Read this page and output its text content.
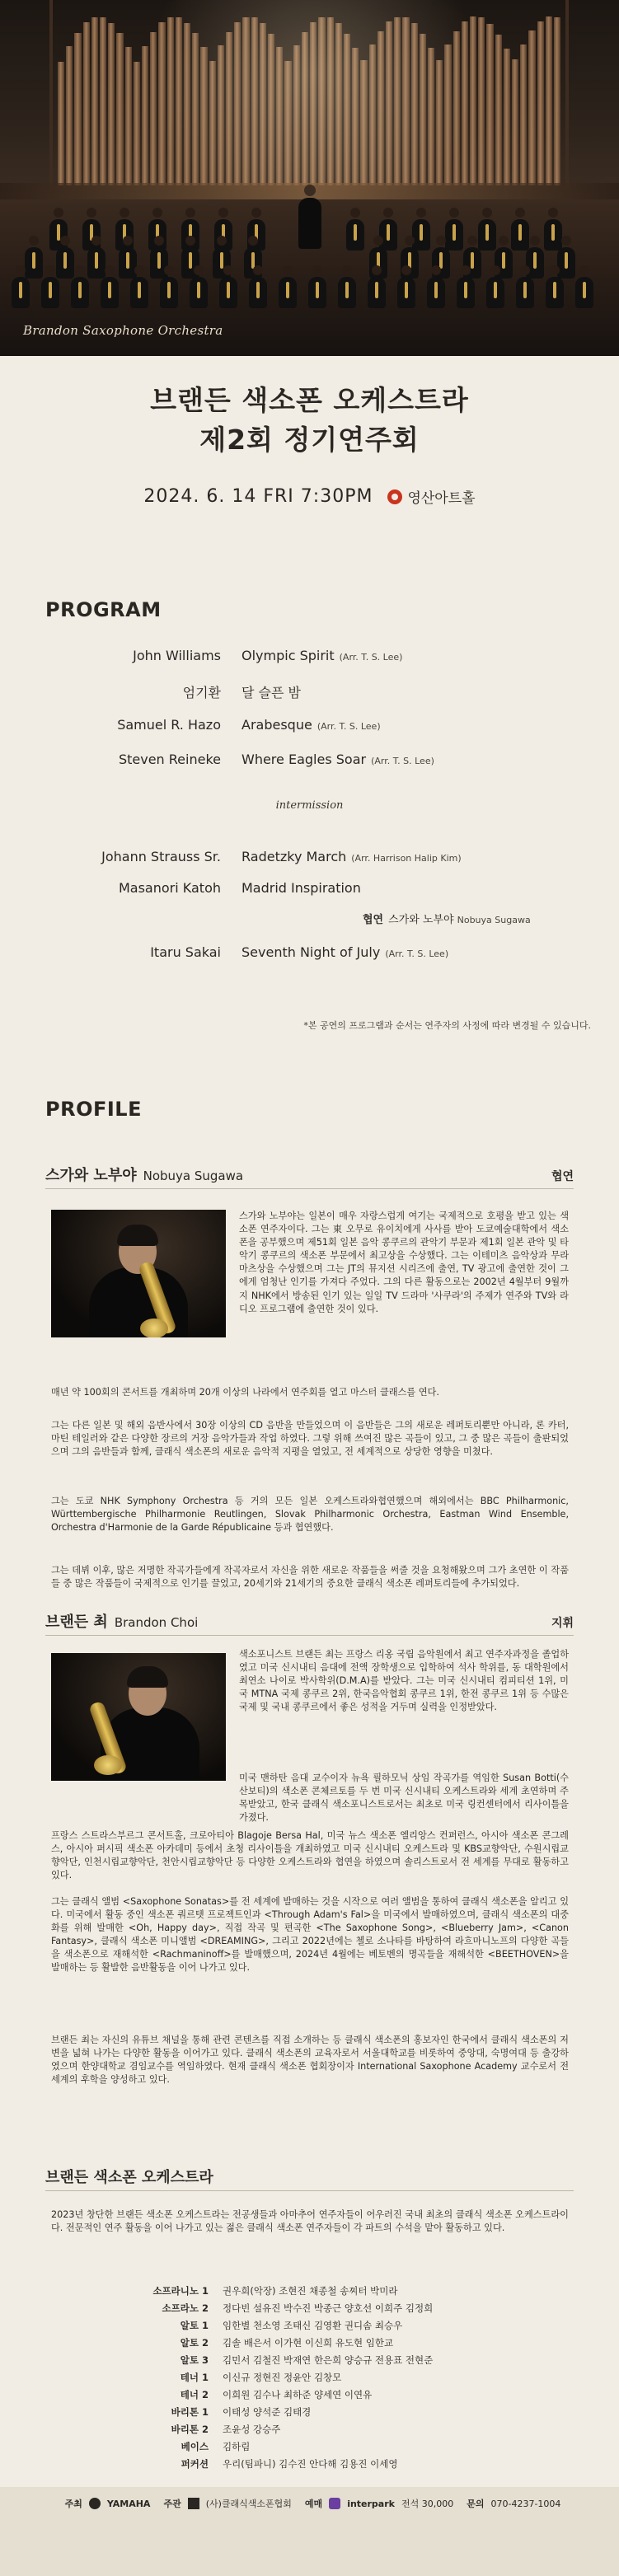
Brandon Saxophone Orchestra
브랜든 색소폰 오케스트라
제2회 정기연주회
2024. 6. 14 FRI 7:30PM 영산아트홀
PROGRAM
John Williams Olympic Spirit (Arr. T. S. Lee)
엄기환 달 슬픈 밤
Samuel R. Hazo Arabesque (Arr. T. S. Lee)
Steven Reineke Where Eagles Soar (Arr. T. S. Lee)
intermission
Johann Strauss Sr. Radetzky March (Arr. Harrison Halip Kim)
Masanori Katoh Madrid Inspiration
협연 스가와 노부야 Nobuya Sugawa
Itaru Sakai Seventh Night of July (Arr. T. S. Lee)
*본 공연의 프로그램과 순서는 연주자의 사정에 따라 변경될 수 있습니다.
PROFILE
스가와 노부야 Nobuya Sugawa	협연
스가와 노부야는 일본이 매우 자랑스럽게 여기는 국제적으로 호평을 받고 있는 색소폰 연주자이다. 그는 東 오무로 유이치에게 사사를 받아 도쿄예술대학에서 색소폰을 공부했으며 제51회 일본 음악 콩쿠르의 관악기 부문과 제1회 일본 관악 및 타악기 콩쿠르의 색소폰 부문에서 최고상을 수상했다. 그는 이테미츠 음악상과 무라마츠상을 수상했으며 그는 JT의 뮤지션 시리즈에 출연, TV 광고에 출연한 것이 그에게 엄청난 인기를 가져다 주었다. 그의 다른 활동으로는 2002년 4월부터 9월까지 NHK에서 방송된 인기 있는 일일 TV 드라마 '사쿠라'의 주제가 연주와 TV와 라디오 프로그램에 출연한 것이 있다.
매년 약 100회의 콘서트를 개최하며 20개 이상의 나라에서 연주회를 열고 마스터 클래스를 연다.
그는 다른 일본 및 해외 음반사에서 30장 이상의 CD 음반을 만들었으며 이 음반들은 그의 새로운 레퍼토리뿐만 아니라, 론 카터, 마틴 테일러와 같은 다양한 장르의 거장 음악가들과 작업 하였다. 그렇 위해 쓰여진 많은 곡들이 있고, 그 중 많은 곡들이 출판되었으며 그의 음반들과 함께, 클래식 색소폰의 새로운 음악적 지평을 열었고, 전 세계적으로 상당한 영향을 미쳤다.
그는 도쿄 NHK Symphony Orchestra 등 거의 모든 일본 오케스트라와협연했으며 해외에서는 BBC Philharmonic, Württembergische Philharmonie Reutlingen, Slovak Philharmonic Orchestra, Eastman Wind Ensemble, Orchestra d'Harmonie de la Garde Républicaine 등과 협연했다.
그는 데뷔 이후, 많은 저명한 작곡가들에게 작곡자로서 자신을 위한 새로운 작품들을 써줄 것을 요청해왔으며 그가 초연한 이 작품들 중 많은 작품들이 국제적으로 인기를 끌었고, 20세기와 21세기의 중요한 클래식 색소폰 레퍼토리들에 추가되었다.
브랜든 최 Brandon Choi	지휘
색소포니스트 브랜든 최는 프랑스 리옹 국립 음악원에서 최고 연주자과정을 졸업하였고 미국 신시내티 음대에 전액 장학생으로 입학하여 석사 학위를, 동 대학원에서 최연소 나이로 박사학위(D.M.A)를 받았다. 그는 미국 신시내티 컴피티션 1위, 미국 MTNA 국제 콩쿠르 2위, 한국음악협회 콩쿠르 1위, 한전 콩쿠르 1위 등 수많은 국제 및 국내 콩쿠르에서 좋은 성적을 거두며 실력을 인정받았다.
미국 맨하탄 음대 교수이자 뉴욕 필하모닉 상임 작곡가를 역임한 Susan Botti(수산보티)의 색소폰 콘체르토를 두 번 미국 신시내티 오케스트라와 세계 초연하며 주목받았고, 한국 클래식 색소포니스트로서는 최초로 미국 링컨센터에서 리사이틀을 가졌다.
프랑스 스트라스부르그 콘서트홀, 크로아티아 Blagoje Bersa Hal, 미국 뉴스 색소폰 엘리앙스 컨퍼런스, 아시아 색소폰 콘그레스, 아시아 퍼시픽 색소폰 아카데미 등에서 초청 리사이틀을 개최하였고 미국 신시내티 오케스트라 및 KBS교향악단, 수원시립교향악단, 인천시립교향악단, 천안시립교향악단 등 다양한 오케스트라와 협연을 하였으며 솔리스트로서 전 세계를 무대로 활동하고 있다.
그는 클래식 앨범 <Saxophone Sonatas>를 전 세계에 발매하는 것을 시작으로 여러 앨범을 통하여 클래식 색소폰을 알리고 있다. 미국에서 활동 중인 색소폰 쿼르텟 프로젝트인과 <Through Adam's Fal>을 미국에서 발매하였으며, 클래식 색소폰의 대중화를 위해 발매한 <Oh, Happy day>, 직접 작곡 및 편곡한 <The Saxophone Song>, <Blueberry Jam>, <Canon Fantasy>, 클래식 색소폰 미니앨범 <DREAMING>, 그리고 2022년에는 첼로 소나타를 바탕하여 라흐마니노프의 다양한 곡들을 색소폰으로 재해석한 <Rachmaninoff>를 발매했으며, 2024년 4월에는 베토벤의 명곡들을 재해석한 <BEETHOVEN>을 발매하는 등 활발한 음반활동을 이어 나가고 있다.
브랜든 최는 자신의 유튜브 채널을 통해 관련 콘텐츠를 직접 소개하는 등 클래식 색소폰의 홍보자인 한국에서 클래식 색소폰의 저변을 넓혀 나가는 다양한 활동을 이어가고 있다. 클래식 색소폰의 교육자로서 서울대학교를 비롯하여 중앙대, 숙명여대 등 출강하였으며 한양대학교 겸임교수를 역임하였다. 현재 클래식 색소폰 협회장이자 International Saxophone Academy 교수로서 전 세계의 후학을 양성하고 있다.
브랜든 색소폰 오케스트라
2023년 창단한 브랜든 색소폰 오케스트라는 전공생들과 아마추어 연주자들이 어우러진 국내 최초의 클래식 색소폰 오케스트라이다. 전문적인 연주 활동을 이어 나가고 있는 젊은 클래식 색소폰 연주자들이 각 파트의 수석을 맡아 활동하고 있다.
소프라니노 1 권우희(악장) 조현진 채종철 송찌터 박미라
소프라노 2 정다빈 설유진 박수진 박종근 양호선 이희주 김정희
알토 1 임한별 천소영 조태신 김영환 권디솜 최승우
알토 2 김솔 배은서 이가현 이신희 유도현 임한교
알토 3 김민서 김철진 박재연 한은희 양승규 전용표 전현준
테너 1 이신규 정현진 정윤안 김창모
테너 2 이희원 김수나 최하준 양세연 이연유
바리톤 1 이태성 양석준 김태경
바리톤 2 조윤성 강승주
베이스 김하림
퍼커션 우리(팀파니) 김수진 안다해 김용진 이세영
주최	YAMAHA 주관	(사)클래식색소폰협회 예매	interpark 전석 30,000 문의 070-4237-1004
